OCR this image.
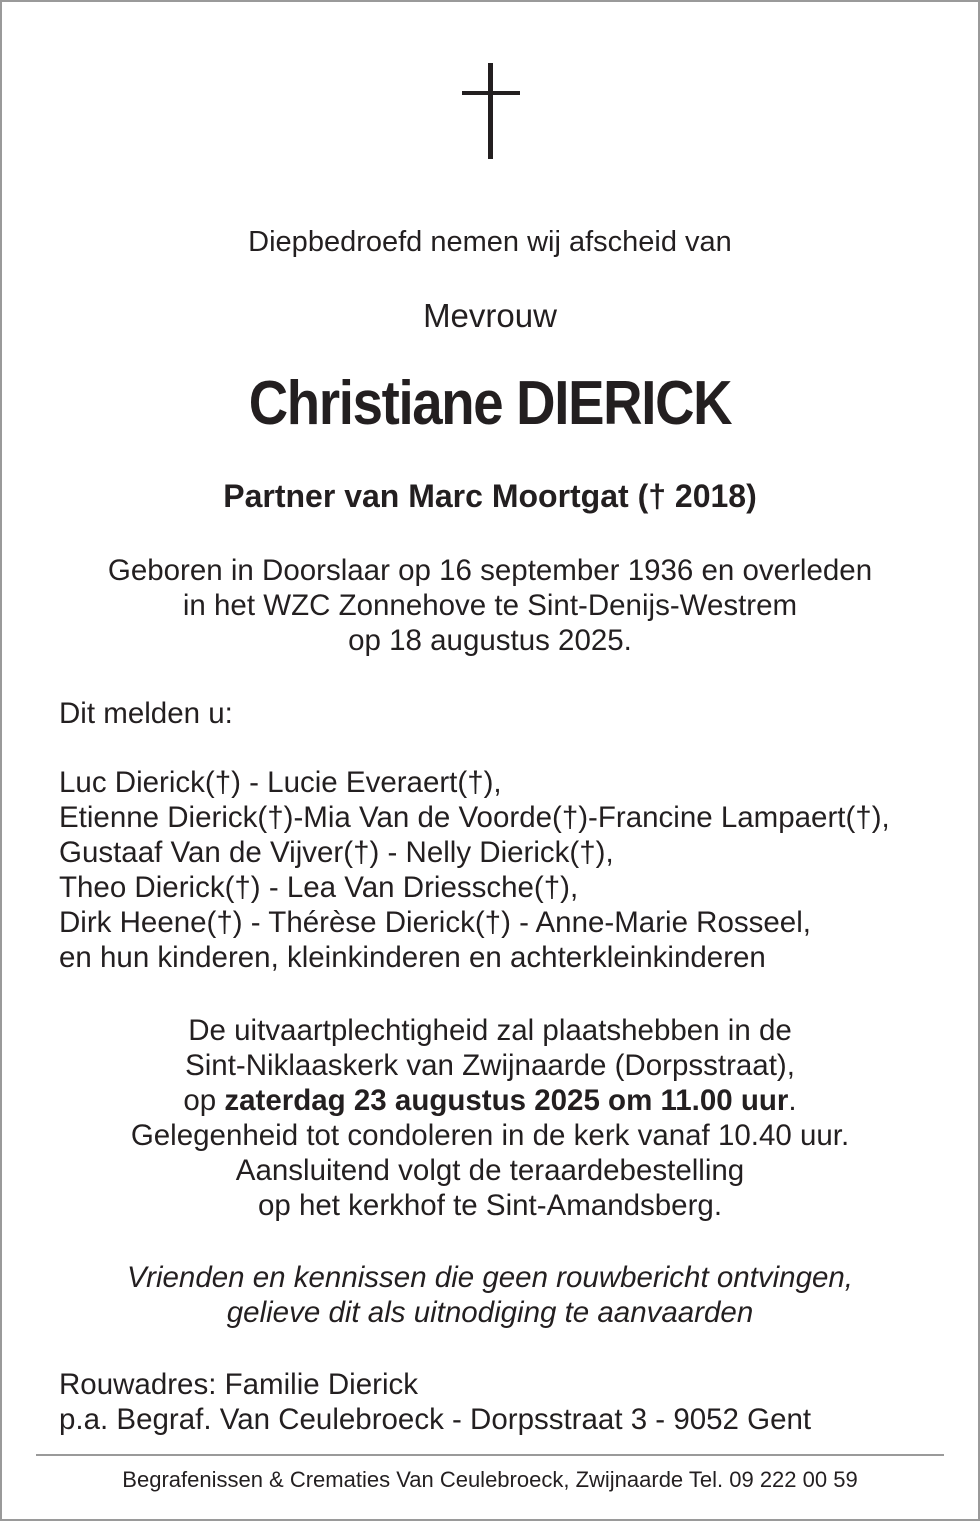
Diepbedroefd nemen wij afscheid van
Mevrouw
Christiane DIERICK
Partner van Marc Moortgat († 2018)
Geboren in Doorslaar op 16 september 1936 en overleden
in het WZC Zonnehove te Sint-Denijs-Westrem
op 18 augustus 2025.
Dit melden u:
Luc Dierick(†) - Lucie Everaert(†),
Etienne Dierick(†)-Mia Van de Voorde(†)-Francine Lampaert(†),
Gustaaf Van de Vijver(†) - Nelly Dierick(†),
Theo Dierick(†) - Lea Van Driessche(†),
Dirk Heene(†) - Thérèse Dierick(†) - Anne-Marie Rosseel,
en hun kinderen, kleinkinderen en achterkleinkinderen
De uitvaartplechtigheid zal plaatshebben in de
Sint-Niklaaskerk van Zwijnaarde (Dorpsstraat),
op zaterdag 23 augustus 2025 om 11.00 uur.
Gelegenheid tot condoleren in de kerk vanaf 10.40 uur.
Aansluitend volgt de teraardebestelling
op het kerkhof te Sint-Amandsberg.
Vrienden en kennissen die geen rouwbericht ontvingen,
gelieve dit als uitnodiging te aanvaarden
Rouwadres: Familie Dierick
p.a. Begraf. Van Ceulebroeck - Dorpsstraat 3 - 9052 Gent
Begrafenissen & Crematies Van Ceulebroeck, Zwijnaarde Tel. 09 222 00 59
